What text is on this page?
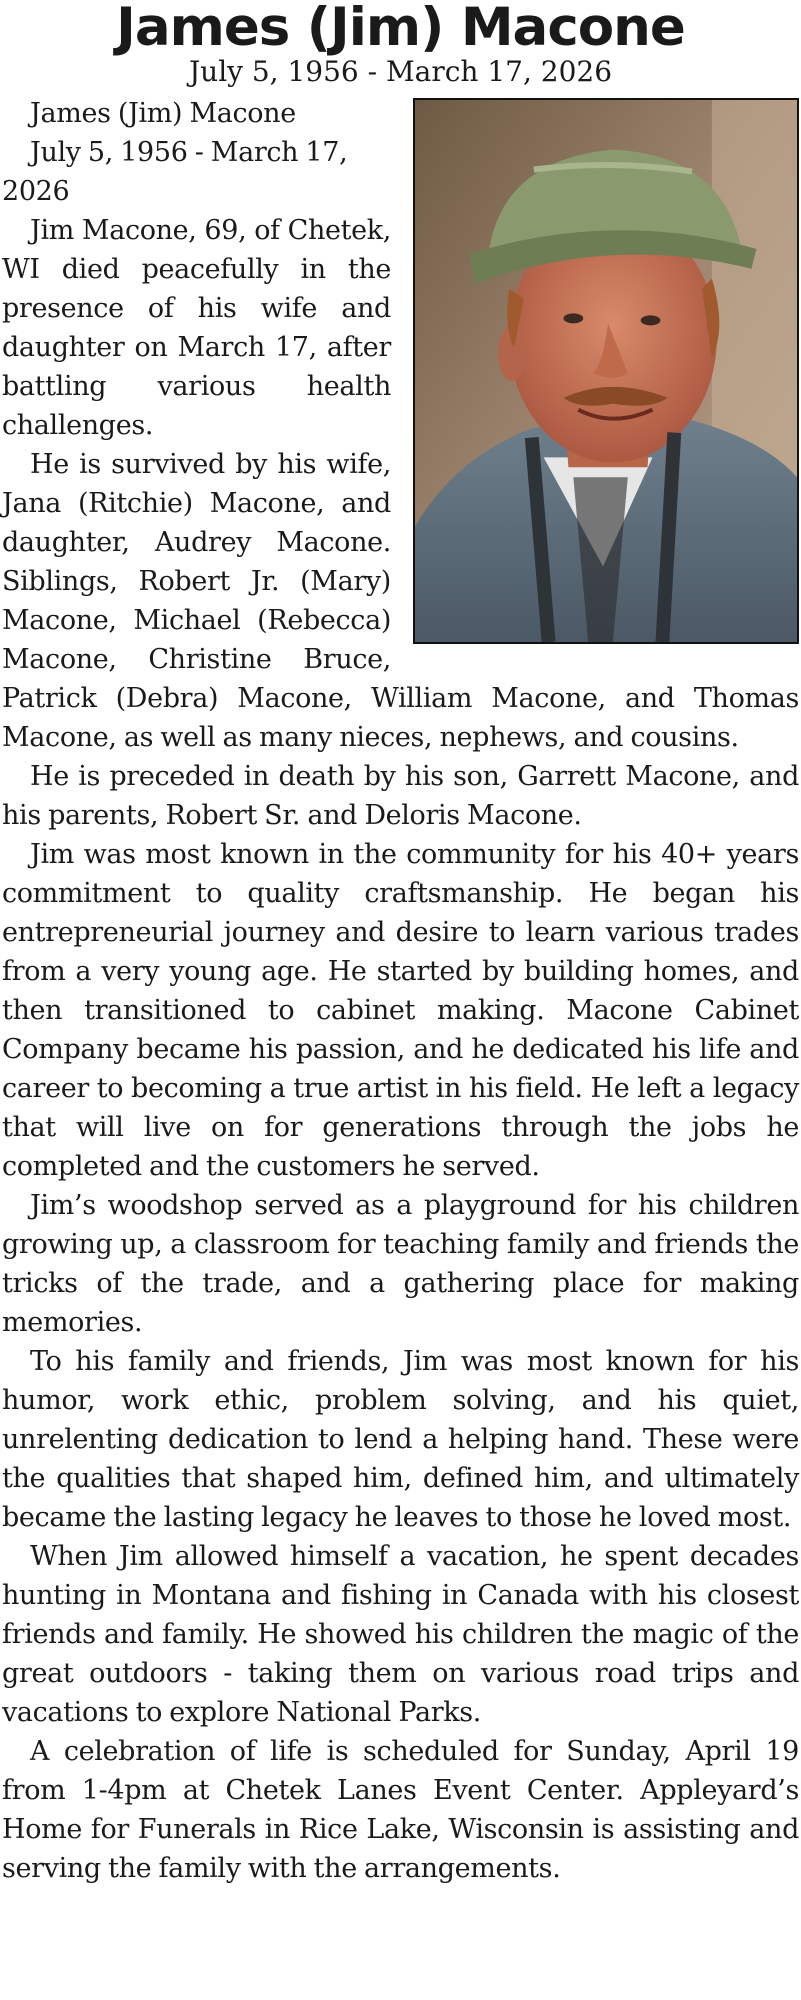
James (Jim) Macone
July 5, 1956 - March 17, 2026

James (Jim) Macone

July 5, 1956 - March 17, 2026

Jim Macone, 69, of Chetek, WI died peacefully in the presence of his wife and daughter on March 17, after battling various health challenges.

He is survived by his wife, Jana (Ritchie) Macone, and daughter, Audrey Macone. Siblings, Robert Jr. (Mary) Macone, Michael (Rebecca) Macone, Christine Bruce, Patrick (Debra) Macone, William Macone, and Thomas Macone, as well as many nieces, nephews, and cousins.

He is preceded in death by his son, Garrett Macone, and his parents, Robert Sr. and Deloris Macone.

Jim was most known in the community for his 40+ years commitment to quality craftsmanship. He began his entrepreneurial journey and desire to learn various trades from a very young age. He started by building homes, and then transitioned to cabinet making. Macone Cabinet Company became his passion, and he dedicated his life and career to becoming a true artist in his field. He left a legacy that will live on for generations through the jobs he completed and the customers he served.

Jim’s woodshop served as a playground for his children growing up, a classroom for teaching family and friends the tricks of the trade, and a gathering place for making memories.

To his family and friends, Jim was most known for his humor, work ethic, problem solving, and his quiet, unrelenting dedication to lend a helping hand. These were the qualities that shaped him, defined him, and ultimately became the lasting legacy he leaves to those he loved most.

When Jim allowed himself a vacation, he spent decades hunting in Montana and fishing in Canada with his closest friends and family. He showed his children the magic of the great outdoors - taking them on various road trips and vacations to explore National Parks.

A celebration of life is scheduled for Sunday, April 19 from 1-4pm at Chetek Lanes Event Center. Appleyard’s Home for Funerals in Rice Lake, Wisconsin is assisting and serving the family with the arrangements.
